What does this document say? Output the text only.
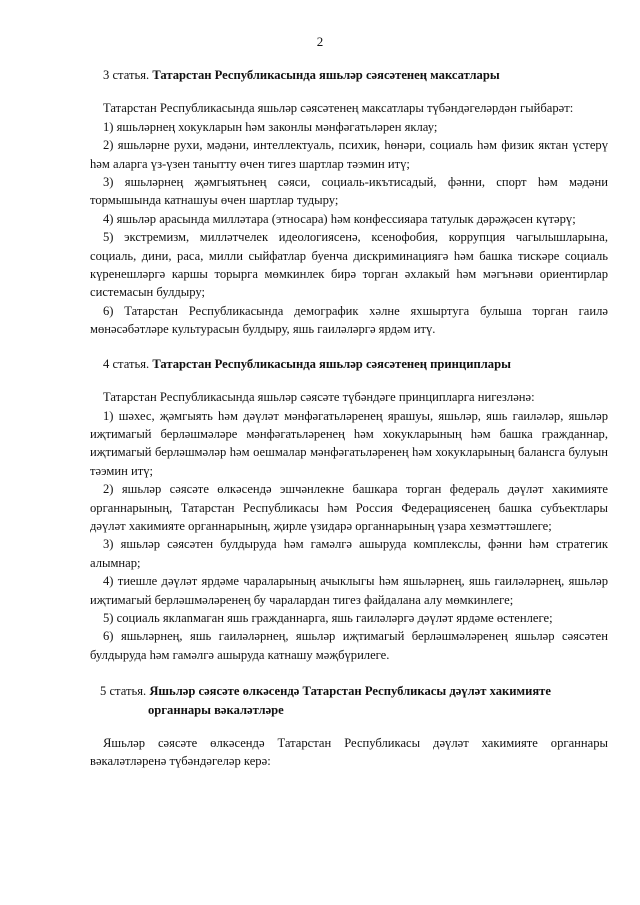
2
3 статья. Татарстан Республикасында яшьләр сәясәтенең максатлары

Татарстан Республикасында яшьләр сәясәтенең максатлары түбәндәгеләрдән гыйбарәт:

1) яшьләрнең хокукларын һәм законлы мәнфәгатьләрен яклау;

2) яшьләрне рухи, мәдәни, интеллектуаль, психик, һөнәри, социаль һәм физик яктан үстерү һәм аларга үз-үзен танытту өчен тигез шартлар тәэмин итү;

3) яшьләрнең җәмгыятьнең сәяси, социаль-икътисадый, фәнни, спорт һәм мәдәни тормышында катнашуы өчен шартлар тудыру;

4) яшьләр арасында милләтара (этносара) һәм конфессияара татулык дәрәҗәсен күтәрү;

5) экстремизм, милләтчелек идеологиясенә, ксенофобия, коррупция чагылышларына, социаль, дини, раса, милли сыйфатлар буенча дискриминациягә һәм башка тискәре социаль күренешләргә каршы торырга мөмкинлек бирә торган әхлакый һәм мәгънәви ориентирлар системасын булдыру;

6) Татарстан Республикасында демографик хәлне яхшыртуга булыша торган гаилә мөнәсәбәтләре культурасын булдыру, яшь гаиләләргә ярдәм итү.

4 статья. Татарстан Республикасында яшьләр сәясәтенең принциплары

Татарстан Республикасында яшьләр сәясәте түбәндәге принципларга нигезләнә:

1) шәхес, җәмгыять һәм дәүләт мәнфәгатьләренең ярашуы, яшьләр, яшь гаиләләр, яшьләр иҗтимагый берләшмәләре мәнфәгатьләренең һәм хокукларының һәм башка гражданнар, иҗтимагый берләшмәләр һәм оешмалар мәнфәгатьләренең һәм хокукларының балансга булуын тәэмин итү;

2) яшьләр сәясәте өлкәсендә эшчәнлекне башкара торган федераль дәүләт хакимияте органнарының, Татарстан Республикасы һәм Россия Федерациясенең башка субъектлары дәүләт хакимияте органнарының, җирле үзидарә органнарының үзара хезмәттәшлеге;

3) яшьләр сәясәтен булдыруда һәм гамәлгә ашыруда комплекслы, фәнни һәм стратегик алымнар;

4) тиешле дәүләт ярдәме чараларының ачыклыгы һәм яшьләрнең, яшь гаиләләрнең, яшьләр иҗтимагый берләшмәләренең бу чаралардан тигез файдалана алу мөмкинлеге;

5) социаль яклanмаган яшь гражданнарга, яшь гаиләләргә дәүләт ярдәме өстенлеге;

6) яшьләрнең, яшь гаиләләрнең, яшьләр иҗтимагый берләшмәләренең яшьләр сәясәтен булдыруда һәм гамәлгә ашыруда катнашу мәҗбүрилеге.

5 статья. Яшьләр сәясәте өлкәсендә Татарстан Республикасы дәүләт хакимияте органнары вәкаләтләре

Яшьләр сәясәте өлкәсендә Татарстан Республикасы дәүләт хакимияте органнары вәкаләтләренә түбәндәгеләр керә:
